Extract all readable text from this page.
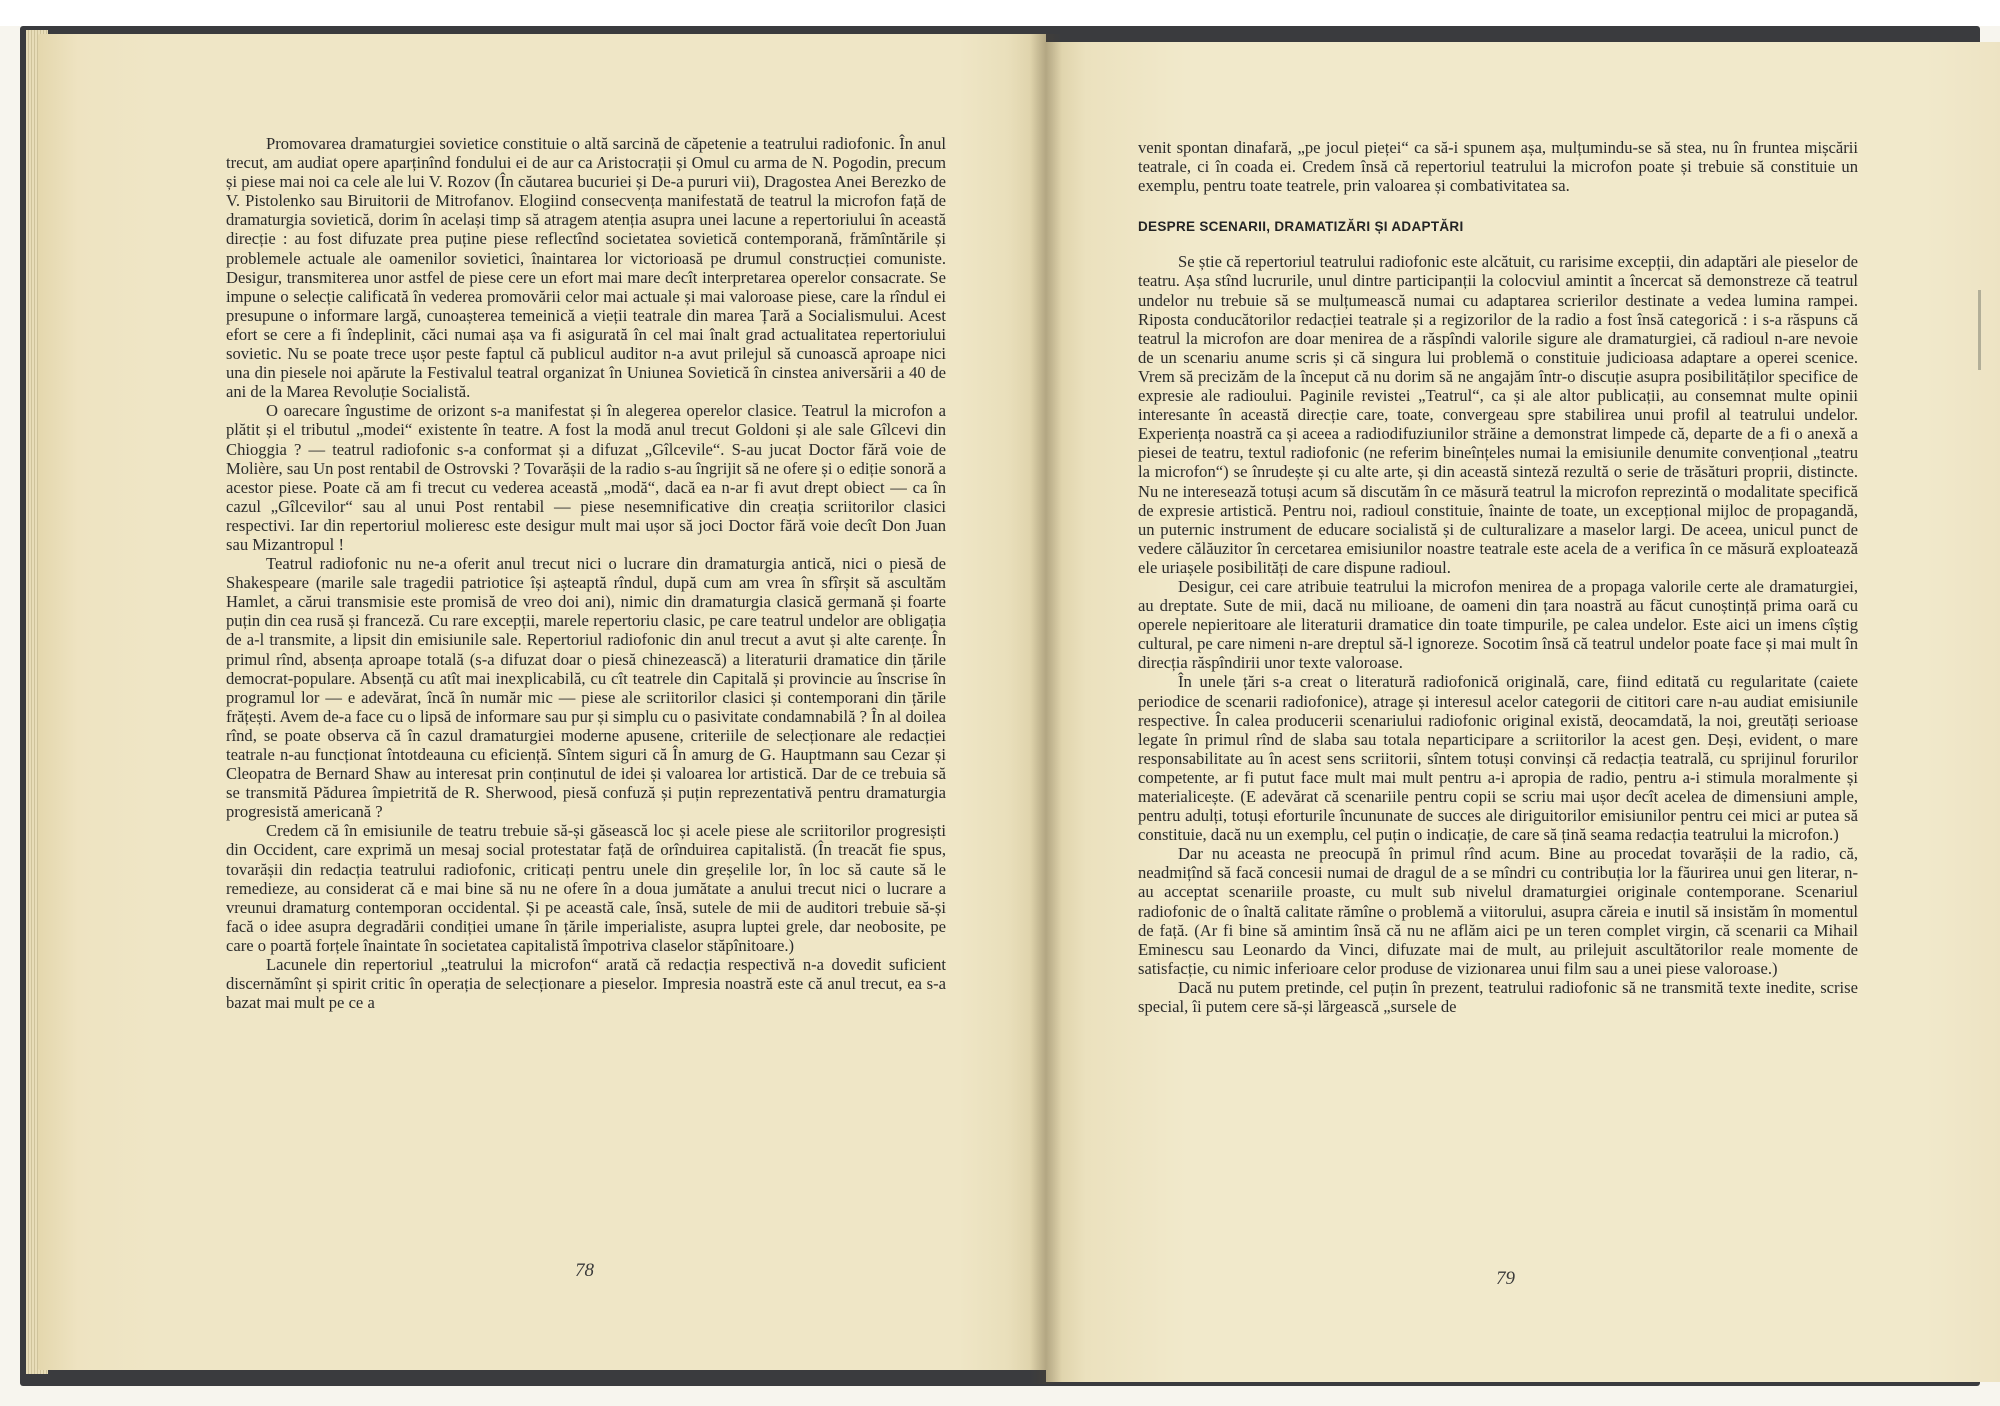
Promovarea dramaturgiei sovietice constituie o altă sarcină de căpetenie a teatrului radiofonic. În anul trecut, am audiat opere aparținînd fondului ei de aur ca Aristocrații și Omul cu arma de N. Pogodin, precum și piese mai noi ca cele ale lui V. Rozov (În căutarea bucuriei și De-a pururi vii), Dragostea Anei Berezko de V. Pistolenko sau Biruitorii de Mitrofanov. Elogiind consecvența manifestată de teatrul la microfon față de dramaturgia sovietică, dorim în același timp să atragem atenția asupra unei lacune a repertoriului în această direcție : au fost difuzate prea puține piese reflectînd societatea sovietică contemporană, frămîntările și problemele actuale ale oamenilor sovietici, înaintarea lor victorioasă pe drumul construcției comuniste. Desigur, transmiterea unor astfel de piese cere un efort mai mare decît interpretarea operelor consacrate. Se impune o selecție calificată în vederea promovării celor mai actuale și mai valoroase piese, care la rîndul ei presupune o informare largă, cunoașterea temeinică a vieții teatrale din marea Țară a Socialismului. Acest efort se cere a fi îndeplinit, căci numai așa va fi asigurată în cel mai înalt grad actualitatea repertoriului sovietic. Nu se poate trece ușor peste faptul că publicul auditor n-a avut prilejul să cunoască aproape nici una din piesele noi apărute la Festivalul teatral organizat în Uniunea Sovietică în cinstea aniversării a 40 de ani de la Marea Revoluție Socialistă.

O oarecare îngustime de orizont s-a manifestat și în alegerea operelor clasice. Teatrul la microfon a plătit și el tributul „modei“ existente în teatre. A fost la modă anul trecut Goldoni și ale sale Gîlcevi din Chioggia ? — teatrul radiofonic s-a conformat și a difuzat „Gîlcevile“. S-au jucat Doctor fără voie de Molière, sau Un post rentabil de Ostrovski ? Tovarășii de la radio s-au îngrijit să ne ofere și o ediție sonoră a acestor piese. Poate că am fi trecut cu vederea această „modă“, dacă ea n-ar fi avut drept obiect — ca în cazul „Gîlcevilor“ sau al unui Post rentabil — piese nesemnificative din creația scriitorilor clasici respectivi. Iar din repertoriul molieresc este desigur mult mai ușor să joci Doctor fără voie decît Don Juan sau Mizantropul !

Teatrul radiofonic nu ne-a oferit anul trecut nici o lucrare din dramaturgia antică, nici o piesă de Shakespeare (marile sale tragedii patriotice își așteaptă rîndul, după cum am vrea în sfîrșit să ascultăm Hamlet, a cărui transmisie este promisă de vreo doi ani), nimic din dramaturgia clasică germană și foarte puțin din cea rusă și franceză. Cu rare excepții, marele repertoriu clasic, pe care teatrul undelor are obligația de a-l transmite, a lipsit din emisiunile sale. Repertoriul radiofonic din anul trecut a avut și alte carențe. În primul rînd, absența aproape totală (s-a difuzat doar o piesă chinezească) a literaturii dramatice din țările democrat-populare. Absență cu atît mai inexplicabilă, cu cît teatrele din Capitală și provincie au înscrise în programul lor — e adevărat, încă în număr mic — piese ale scriitorilor clasici și contemporani din țările frățești. Avem de-a face cu o lipsă de informare sau pur și simplu cu o pasivitate condamnabilă ? În al doilea rînd, se poate observa că în cazul dramaturgiei moderne apusene, criteriile de selecționare ale redacției teatrale n-au funcționat întotdeauna cu eficiență. Sîntem siguri că În amurg de G. Hauptmann sau Cezar și Cleopatra de Bernard Shaw au interesat prin conținutul de idei și valoarea lor artistică. Dar de ce trebuia să se transmită Pădurea împietrită de R. Sherwood, piesă confuză și puțin reprezentativă pentru dramaturgia progresistă americană ?

Credem că în emisiunile de teatru trebuie să-și găsească loc și acele piese ale scriitorilor progresiști din Occident, care exprimă un mesaj social protestatar față de orînduirea capitalistă. (În treacăt fie spus, tovarășii din redacția teatrului radiofonic, criticați pentru unele din greșelile lor, în loc să caute să le remedieze, au considerat că e mai bine să nu ne ofere în a doua jumătate a anului trecut nici o lucrare a vreunui dramaturg contemporan occidental. Și pe această cale, însă, sutele de mii de auditori trebuie să-și facă o idee asupra degradării condiției umane în țările imperialiste, asupra luptei grele, dar neobosite, pe care o poartă forțele înaintate în societatea capitalistă împotriva claselor stăpînitoare.)

Lacunele din repertoriul „teatrului la microfon“ arată că redacția respectivă n-a dovedit suficient discernămînt și spirit critic în operația de selecționare a pieselor. Impresia noastră este că anul trecut, ea s-a bazat mai mult pe ce a

78

venit spontan dinafară, „pe jocul pieței“ ca să-i spunem așa, mulțumindu-se să stea, nu în fruntea mișcării teatrale, ci în coada ei. Credem însă că repertoriul teatrului la microfon poate și trebuie să constituie un exemplu, pentru toate teatrele, prin valoarea și combativitatea sa.

DESPRE SCENARII, DRAMATIZĂRI ȘI ADAPTĂRI

Se știe că repertoriul teatrului radiofonic este alcătuit, cu rarisime excepții, din adaptări ale pieselor de teatru. Așa stînd lucrurile, unul dintre participanții la colocviul amintit a încercat să demonstreze că teatrul undelor nu trebuie să se mulțumească numai cu adaptarea scrierilor destinate a vedea lumina rampei. Riposta conducătorilor redacției teatrale și a regizorilor de la radio a fost însă categorică : i s-a răspuns că teatrul la microfon are doar menirea de a răspîndi valorile sigure ale dramaturgiei, că radioul n-are nevoie de un scenariu anume scris și că singura lui problemă o constituie judicioasa adaptare a operei scenice. Vrem să precizăm de la început că nu dorim să ne angajăm într-o discuție asupra posibilităților specifice de expresie ale radioului. Paginile revistei „Teatrul“, ca și ale altor publicații, au consemnat multe opinii interesante în această direcție care, toate, convergeau spre stabilirea unui profil al teatrului undelor. Experiența noastră ca și aceea a radiodifuziunilor străine a demonstrat limpede că, departe de a fi o anexă a piesei de teatru, textul radiofonic (ne referim bineînțeles numai la emisiunile denumite convențional „teatru la microfon“) se înrudește și cu alte arte, și din această sinteză rezultă o serie de trăsături proprii, distincte. Nu ne interesează totuși acum să discutăm în ce măsură teatrul la microfon reprezintă o modalitate specifică de expresie artistică. Pentru noi, radioul constituie, înainte de toate, un excepțional mijloc de propagandă, un puternic instrument de educare socialistă și de culturalizare a maselor largi. De aceea, unicul punct de vedere călăuzitor în cercetarea emisiunilor noastre teatrale este acela de a verifica în ce măsură exploatează ele uriașele posibilități de care dispune radioul.

Desigur, cei care atribuie teatrului la microfon menirea de a propaga valorile certe ale dramaturgiei, au dreptate. Sute de mii, dacă nu milioane, de oameni din țara noastră au făcut cunoștință prima oară cu operele nepieritoare ale literaturii dramatice din toate timpurile, pe calea undelor. Este aici un imens cîștig cultural, pe care nimeni n-are dreptul să-l ignoreze. Socotim însă că teatrul undelor poate face și mai mult în direcția răspîndirii unor texte valoroase.

În unele țări s-a creat o literatură radiofonică originală, care, fiind editată cu regularitate (caiete periodice de scenarii radiofonice), atrage și interesul acelor categorii de cititori care n-au audiat emisiunile respective. În calea producerii scenariului radiofonic original există, deocamdată, la noi, greutăți serioase legate în primul rînd de slaba sau totala neparticipare a scriitorilor la acest gen. Deși, evident, o mare responsabilitate au în acest sens scriitorii, sîntem totuși convinși că redacția teatrală, cu sprijinul forurilor competente, ar fi putut face mult mai mult pentru a-i apropia de radio, pentru a-i stimula moralmente și materialicește. (E adevărat că scenariile pentru copii se scriu mai ușor decît acelea de dimensiuni ample, pentru adulți, totuși eforturile încununate de succes ale diriguitorilor emisiunilor pentru cei mici ar putea să constituie, dacă nu un exemplu, cel puțin o indicație, de care să țină seama redacția teatrului la microfon.)

Dar nu aceasta ne preocupă în primul rînd acum. Bine au procedat tovarășii de la radio, că, neadmițînd să facă concesii numai de dragul de a se mîndri cu contribuția lor la făurirea unui gen literar, n-au acceptat scenariile proaste, cu mult sub nivelul dramaturgiei originale contemporane. Scenariul radiofonic de o înaltă calitate rămîne o problemă a viitorului, asupra căreia e inutil să insistăm în momentul de față. (Ar fi bine să amintim însă că nu ne aflăm aici pe un teren complet virgin, că scenarii ca Mihail Eminescu sau Leonardo da Vinci, difuzate mai de mult, au prilejuit ascultătorilor reale momente de satisfacție, cu nimic inferioare celor produse de vizionarea unui film sau a unei piese valoroase.)

Dacă nu putem pretinde, cel puțin în prezent, teatrului radiofonic să ne transmită texte inedite, scrise special, îi putem cere să-și lărgească „sursele de

79
